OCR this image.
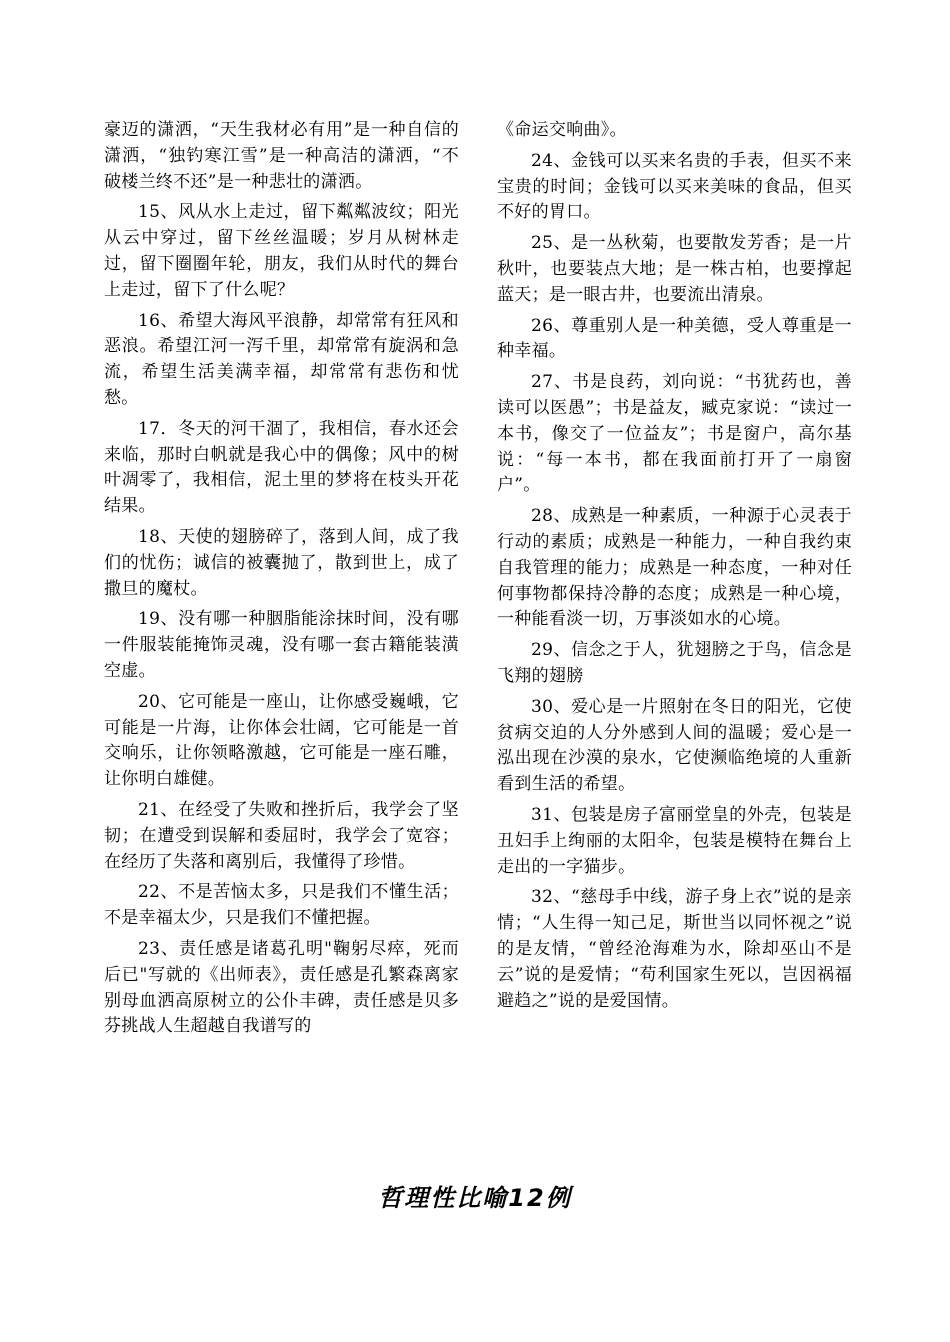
豪迈的潇洒，“天生我材必有用”是一种自信的潇洒，“独钓寒江雪”是一种高洁的潇洒，“不破楼兰终不还”是一种悲壮的潇洒。

15、风从水上走过，留下粼粼波纹；阳光从云中穿过，留下丝丝温暖；岁月从树林走过，留下圈圈年轮，朋友，我们从时代的舞台上走过，留下了什么呢？

16、希望大海风平浪静，却常常有狂风和恶浪。希望江河一泻千里，却常常有旋涡和急流，希望生活美满幸福，却常常有悲伤和忧愁。

17．冬天的河干涸了，我相信，春水还会来临，那时白帆就是我心中的偶像；风中的树叶凋零了，我相信，泥土里的梦将在枝头开花结果。

18、天使的翅膀碎了，落到人间，成了我们的忧伤；诚信的被囊抛了，散到世上，成了撒旦的魔杖。

19、没有哪一种胭脂能涂抹时间，没有哪一件服装能掩饰灵魂，没有哪一套古籍能装潢空虚。

20、它可能是一座山，让你感受巍峨，它可能是一片海，让你体会壮阔，它可能是一首交响乐，让你领略激越，它可能是一座石雕，让你明白雄健。

21、在经受了失败和挫折后，我学会了坚韧；在遭受到误解和委屈时，我学会了宽容；在经历了失落和离别后，我懂得了珍惜。

22、不是苦恼太多，只是我们不懂生活；不是幸福太少，只是我们不懂把握。

23、责任感是诸葛孔明"鞠躬尽瘁，死而后已"写就的《出师表》，责任感是孔繁森离家别母血洒高原树立的公仆丰碑，责任感是贝多芬挑战人生超越自我谱写的

《命运交响曲》。

24、金钱可以买来名贵的手表，但买不来宝贵的时间；金钱可以买来美味的食品，但买不好的胃口。

25、是一丛秋菊，也要散发芳香；是一片秋叶，也要装点大地；是一株古柏，也要撑起蓝天；是一眼古井，也要流出清泉。

26、尊重别人是一种美德，受人尊重是一种幸福。

27、书是良药，刘向说：“书犹药也，善读可以医愚”；书是益友，臧克家说：“读过一本书，像交了一位益友”；书是窗户，高尔基说：“每一本书，都在我面前打开了一扇窗户”。

28、成熟是一种素质，一种源于心灵表于行动的素质；成熟是一种能力，一种自我约束自我管理的能力；成熟是一种态度，一种对任何事物都保持冷静的态度；成熟是一种心境，一种能看淡一切，万事淡如水的心境。

29、信念之于人，犹翅膀之于鸟，信念是飞翔的翅膀

30、爱心是一片照射在冬日的阳光，它使贫病交迫的人分外感到人间的温暖；爱心是一泓出现在沙漠的泉水，它使濒临绝境的人重新看到生活的希望。

31、包装是房子富丽堂皇的外壳，包装是丑妇手上绚丽的太阳伞，包装是模特在舞台上走出的一字猫步。

32、“慈母手中线，游子身上衣”说的是亲情；“人生得一知己足，斯世当以同怀视之”说的是友情，“曾经沧海难为水，除却巫山不是云”说的是爱情；“苟利国家生死以，岂因祸福避趋之”说的是爱国情。

哲理性比喻12例
